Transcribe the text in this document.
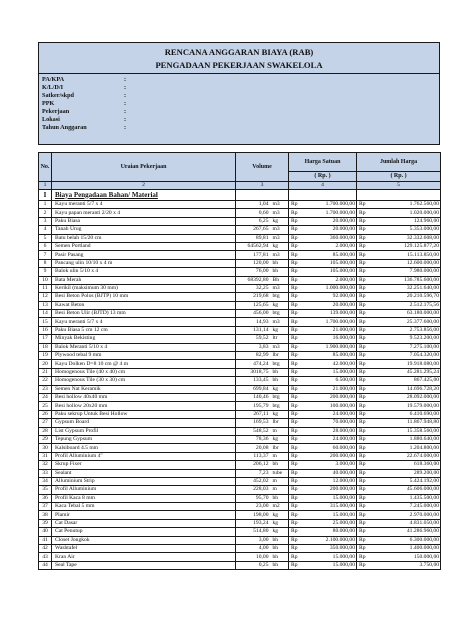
RENCANA ANGGARAN BIAYA (RAB)
PENGADAAN PEKERJAAN SWAKELOLA
PA/KPA	:
K/L/D/I	:
Satker/skpd	:
PPK	:
Pekerjaan	:
Lokasi	:
Tahun Anggaran	:
No.	Uraian Pekerjaan	Volume		Harga Satuan		Jumlah Harga	
				( Rp. )		( Rp. )	
1	2	3		4		5	
I	Biaya Pengadaan Bahan/ Material						
1	Kayu meranti 5/7 x 4	1,04	m3	Rp	1.700.000,00	Rp	1.762.560,00
2	Kayu papan meranti 2/20 x 4	0,60	m3	Rp	1.700.000,00	Rp	1.020.000,00
3	Paku Biasa	6,25	kg	Rp	20.000,00	Rp	124.960,00
4	Tanah Urug	267,65	m3	Rp	20.000,00	Rp	5.353.000,00
5	Batu belah 15/20 cm	89,81	m3	Rp	360.000,00	Rp	32.332.608,00
6	Semen Portland	64562,94	kg	Rp	2.000,00	Rp	129.125.877,20
7	Pasir Pasang	177,81	m3	Rp	85.000,00	Rp	15.113.850,00
8	Pancang ulin 10/10 x 4 m	120,00	bh	Rp	105.000,00	Rp	12.600.000,00
9	Balok ulin 5/10 x 4	76,00	bh	Rp	105.000,00	Rp	7.980.000,00
10	Bata Merah	68392,80	Bh	Rp	2.000,00	Rp	136.785.600,00
11	Kerikil (maksimum 30 mm)	32,25	m3	Rp	1.000.000,00	Rp	32.251.640,00
12	Besi Beton Polos (BJTP) 10 mm	219,68	btg	Rp	92.000,00	Rp	20.210.596,70
13	Kawat Beton	125,65	kg	Rp	20.000,00	Rp	2.512.175,56
14	Besi Beton Ulir (BJTD) 13 mm	456,00	btg	Rp	139.000,00	Rp	63.180.000,00
15	Kayu meranti 5/7 x 4	14,93	m3	Rp	1.700.000,00	Rp	25.377.600,00
16	Paku Biasa 5 cm 12 cm	131,14	kg	Rp	21.000,00	Rp	2.753.856,00
17	Minyak Bekisting	59,52	ltr	Rp	16.000,00	Rp	9.523.200,00
18	Balok Meranti 5/10 x 4	3,83	m3	Rp	1.900.000,00	Rp	7.275.100,00
19	Plywood tebal 9 mm	82,99	lbr	Rp	85.000,00	Rp	7.054.320,00
20	Kayu Dolken D=8 10 cm @ 4 m	474,24	btg	Rp	42.000,00	Rp	19.918.080,00
21	Homogenous Tile (40 x 40) cm	3018,75	bh	Rp	15.000,00	Rp	45.281.295,24
22	Homogenous Tile (30 x 30) cm	133,45	bh	Rp	6.500,00	Rp	867.425,00
23	Semen Nat Keramik	699,84	kg	Rp	21.000,00	Rp	14.696.728,20
24	Besi hollow 40x40 mm	140,46	btg	Rp	200.000,00	Rp	28.092.000,00
25	Besi hollow 20x20 mm	195,79	btg	Rp	100.000,00	Rp	19.579.000,00
26	Paku sekrup Untuk Besi Hollow	267,11	kg	Rp	24.000,00	Rp	6.410.690,00
27	Gypsum Board	169,53	lbr	Rp	70.000,00	Rp	11.867.948,80
28	List Gypsum Profil	548,52	m	Rp	28.000,00	Rp	15.358.560,00
29	Tepung Gypsum	78,36	kg	Rp	24.000,00	Rp	1.880.640,00
30	Kalsiboard 4.5 mm	20,08	lbr	Rp	60.000,00	Rp	1.204.800,00
31	Profil Alluminium 4"	113,37	m	Rp	200.000,00	Rp	22.674.000,00
32	Skrup Fixer	206,12	bh	Rp	3.000,00	Rp	618.360,00
33	Sealant	7,23	tube	Rp	40.000,00	Rp	289.200,00
34	Alluminium Strip	452,02	m	Rp	12.000,00	Rp	5.424.192,00
35	Profil Alluminium	228,03	m	Rp	200.000,00	Rp	45.606.000,00
36	Profil Kaca 8 mm	95,70	bh	Rp	15.000,00	Rp	1.435.500,00
37	Kaca Tebal 5 mm	23,00	m2	Rp	315.000,00	Rp	7.245.000,00
38	Plamir	198,00	kg	Rp	15.000,00	Rp	2.970.000,00
39	Cat Dasar	193,24	kg	Rp	25.000,00	Rp	4.831.050,00
40	Cat Penutup	514,80	kg	Rp	80.000,00	Rp	41.286.960,00
41	Closet Jongkok	3,00	bh	Rp	2.100.000,00	Rp	6.300.000,00
42	Washtafel	4,00	bh	Rp	350.000,00	Rp	1.400.000,00
43	Kran Air	10,00	bh	Rp	15.000,00	Rp	150.000,00
44	Seal Tape	0,25	bh	Rp	15.000,00	Rp	3.750,00
